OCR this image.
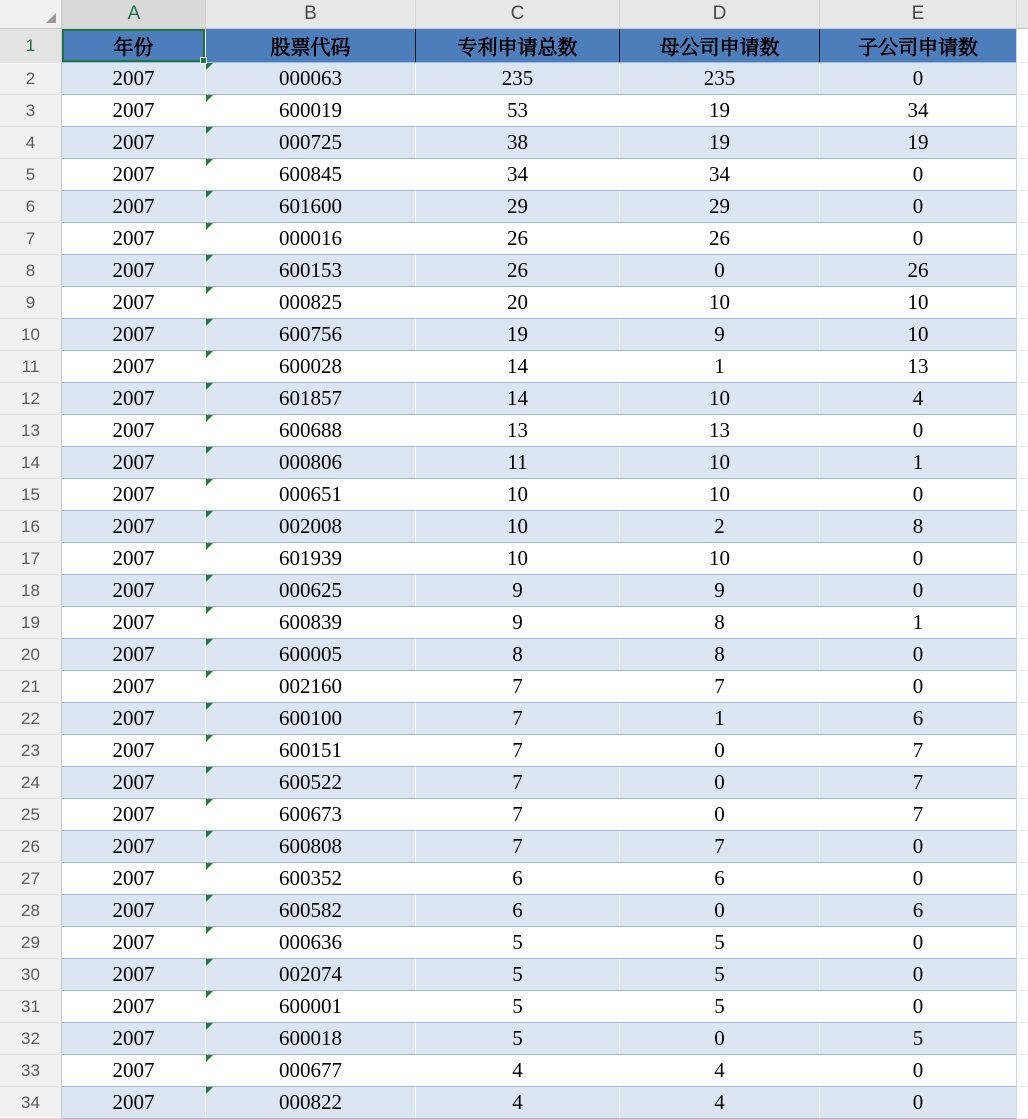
A	B	C	D	E
1	年份	股票代码	专利申请总数	母公司申请数	子公司申请数
2	2007	000063	235	235	0
3	2007	600019	53	19	34
4	2007	000725	38	19	19
5	2007	600845	34	34	0
6	2007	601600	29	29	0
7	2007	000016	26	26	0
8	2007	600153	26	0	26
9	2007	000825	20	10	10
10	2007	600756	19	9	10
11	2007	600028	14	1	13
12	2007	601857	14	10	4
13	2007	600688	13	13	0
14	2007	000806	11	10	1
15	2007	000651	10	10	0
16	2007	002008	10	2	8
17	2007	601939	10	10	0
18	2007	000625	9	9	0
19	2007	600839	9	8	1
20	2007	600005	8	8	0
21	2007	002160	7	7	0
22	2007	600100	7	1	6
23	2007	600151	7	0	7
24	2007	600522	7	0	7
25	2007	600673	7	0	7
26	2007	600808	7	7	0
27	2007	600352	6	6	0
28	2007	600582	6	0	6
29	2007	000636	5	5	0
30	2007	002074	5	5	0
31	2007	600001	5	5	0
32	2007	600018	5	0	5
33	2007	000677	4	4	0
34	2007	000822	4	4	0
